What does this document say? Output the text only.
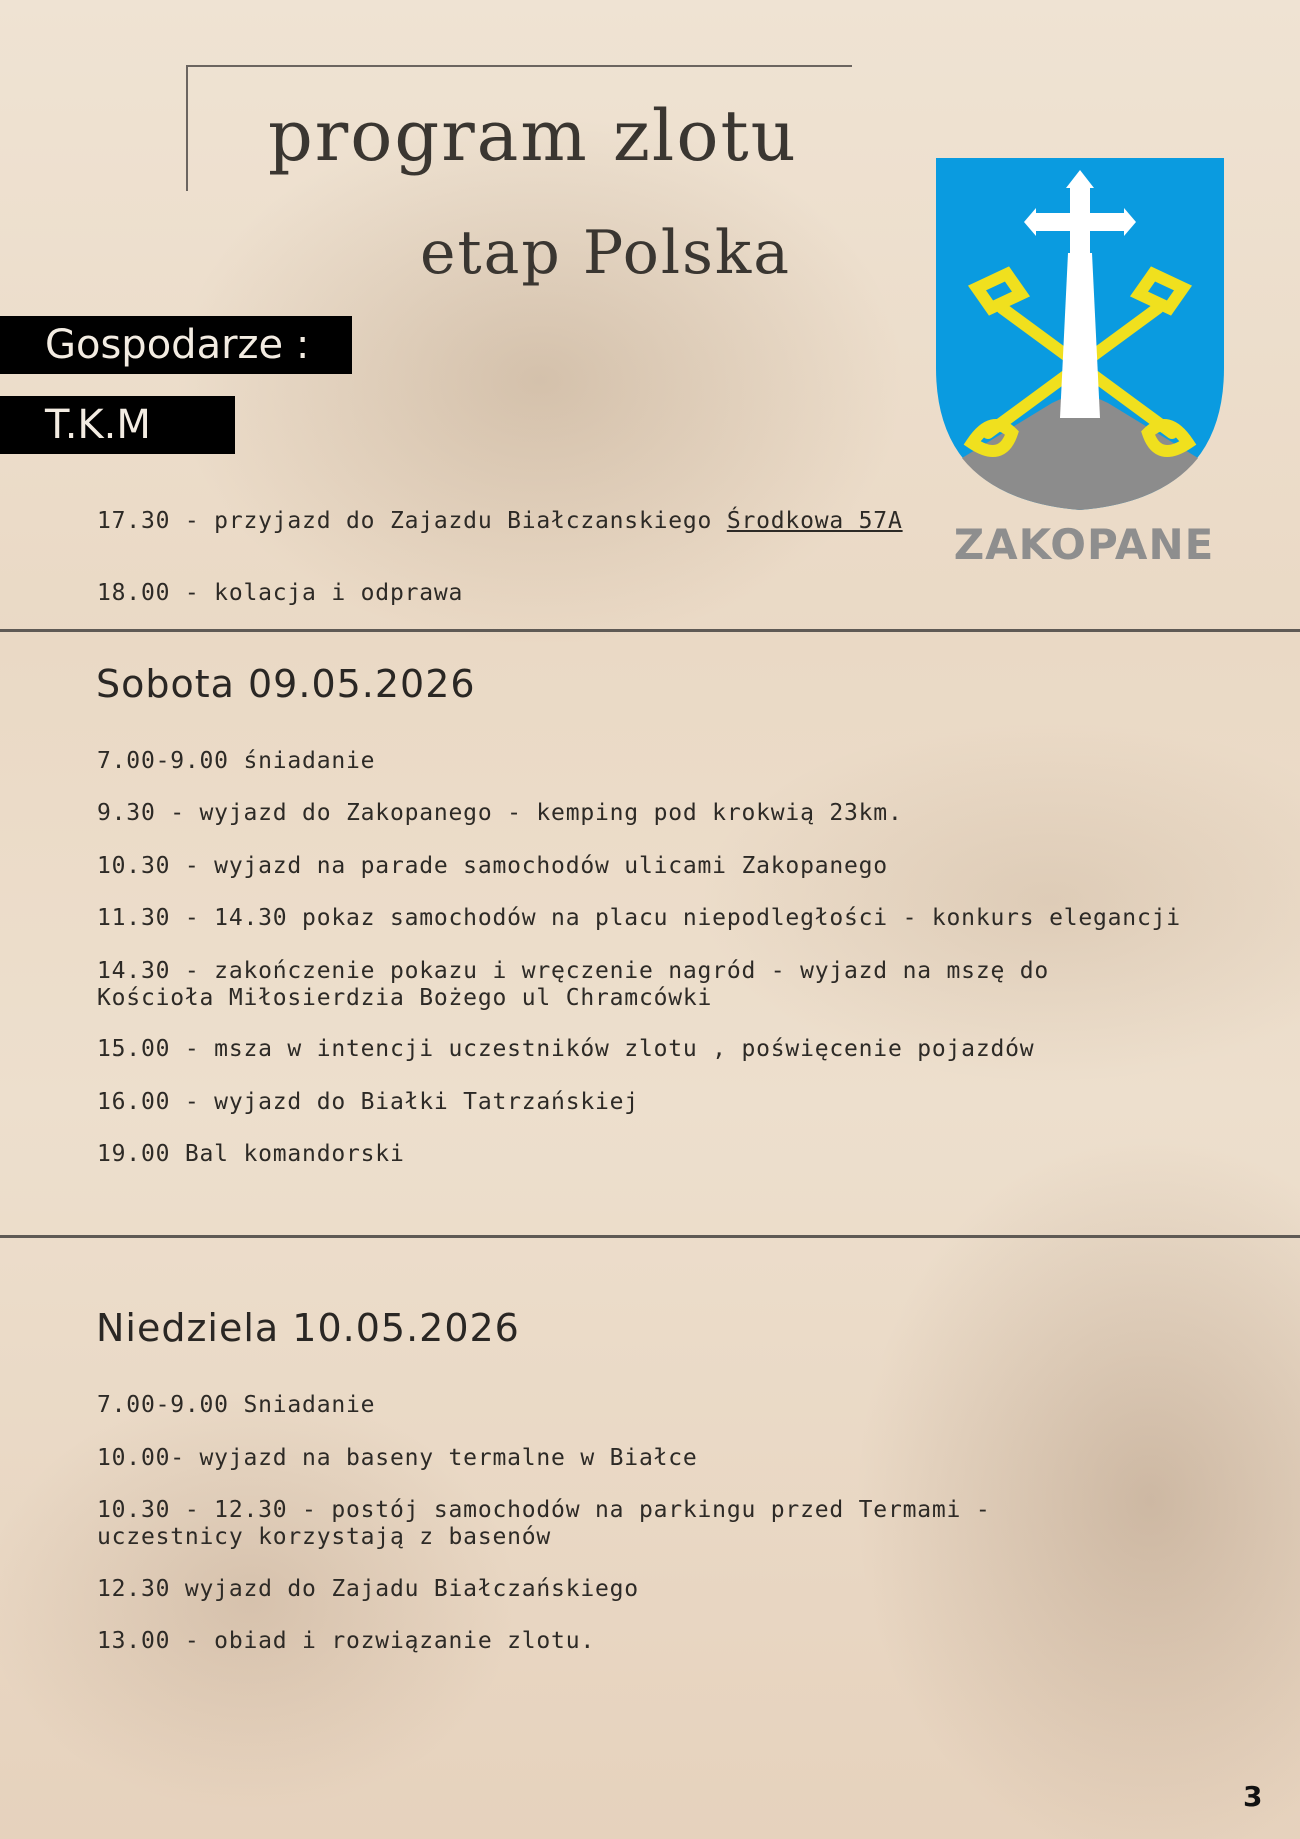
program zlotu
etap Polska
Gospodarze :
T.K.M
ZAKOPANE
17.30 - przyjazd do Zajazdu Białczanskiego Środkowa 57A
18.00 - kolacja i odprawa
Sobota 09.05.2026
7.00-9.00 śniadanie
9.30 - wyjazd do Zakopanego - kemping pod krokwią 23km.
10.30 - wyjazd na parade samochodów ulicami Zakopanego
11.30 - 14.30 pokaz samochodów na placu niepodległości - konkurs elegancji
14.30 - zakończenie pokazu i wręczenie nagród - wyjazd na mszę do Kościoła Miłosierdzia Bożego ul Chramcówki
15.00 - msza w intencji uczestników zlotu , poświęcenie pojazdów
16.00 - wyjazd do Białki Tatrzańskiej
19.00 Bal komandorski
Niedziela 10.05.2026
7.00-9.00 Sniadanie
10.00- wyjazd na baseny termalne w Białce
10.30 - 12.30 - postój samochodów na parkingu przed Termami - uczestnicy korzystają z basenów
12.30 wyjazd do Zajadu Białczańskiego
13.00 - obiad i rozwiązanie zlotu.
3
